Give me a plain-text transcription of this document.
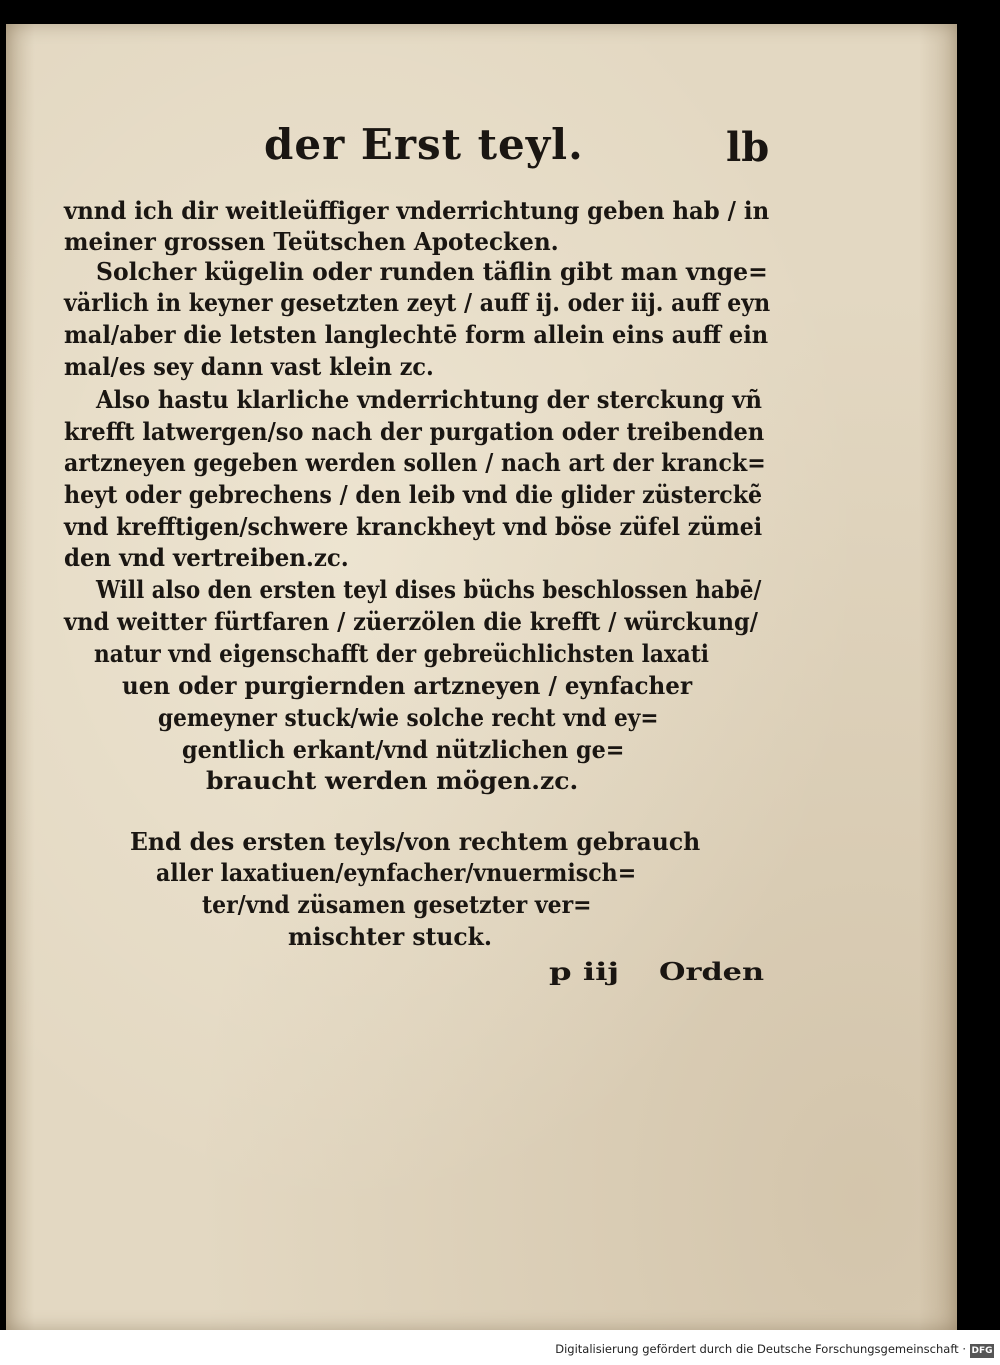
der Erst teyl.	lb
vnnd ich dir weitleüffiger vnderrichtung geben hab / in
meiner grossen Teütschen Apotecken.
Solcher kügelin oder runden täflin gibt man vnge=
värlich in keyner gesetzten zeyt / auff ij. oder iij. auff eyn
mal/aber die letsten langlechtē form allein eins auff ein
mal/es sey dann vast klein zc.
Also hastu klarliche vnderrichtung der sterckung vñ
krefft latwergen/so nach der purgation oder treibenden
artzneyen gegeben werden sollen / nach art der kranck=
heyt oder gebrechens / den leib vnd die glider züsterckẽ
vnd krefftigen/schwere kranckheyt vnd böse züfel zümei
den vnd vertreiben.zc.
Will also den ersten teyl dises büchs beschlossen habē/
vnd weitter fürtfaren / züerzölen die krefft / würckung/
natur vnd eigenschafft der gebreüchlichsten laxati
uen oder purgiernden artzneyen / eynfacher
gemeyner stuck/wie solche recht vnd ey=
gentlich erkant/vnd nützlichen ge=
braucht werden mögen.zc.
End des ersten teyls/von rechtem gebrauch
aller laxatiuen/eynfacher/vnuermisch=
ter/vnd züsamen gesetzter ver=
mischter stuck.
p iij Orden
Digitalisierung gefördert durch die Deutsche Forschungsgemeinschaft · DFG
